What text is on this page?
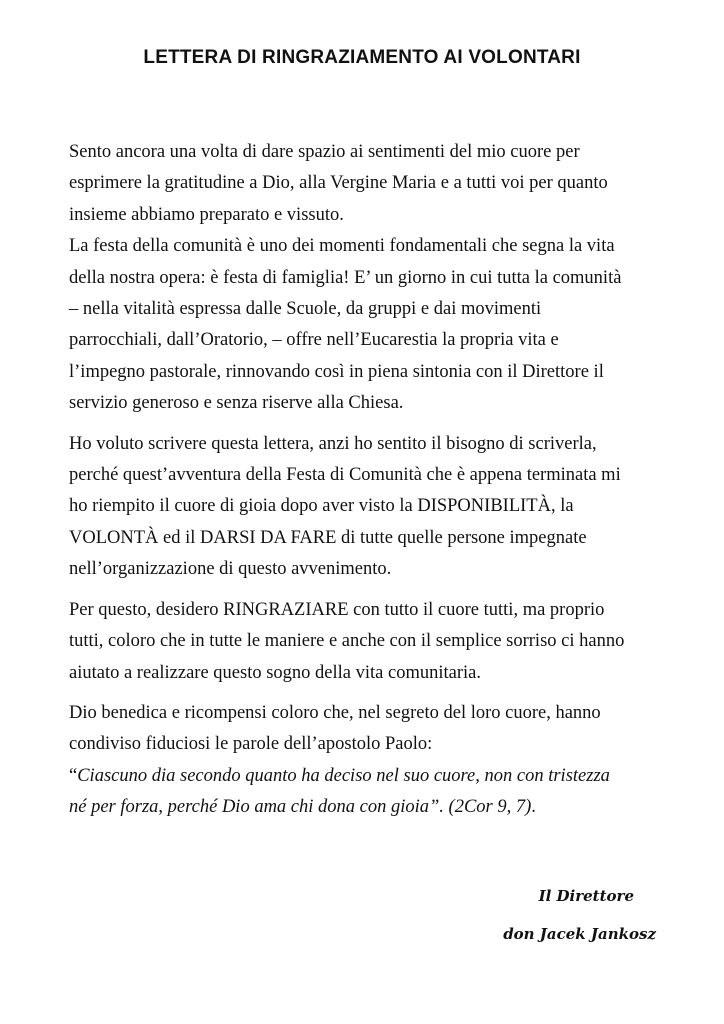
LETTERA DI RINGRAZIAMENTO AI VOLONTARI

Sento ancora una volta di dare spazio ai sentimenti del mio cuore per

esprimere la gratitudine a Dio, alla Vergine Maria e a tutti voi per quanto

insieme abbiamo preparato e vissuto.

La festa della comunità è uno dei momenti fondamentali che segna la vita

della nostra opera: è festa di famiglia! E’ un giorno in cui tutta la comunità

– nella vitalità espressa dalle Scuole, da gruppi e dai movimenti

parrocchiali, dall’Oratorio, – offre nell’Eucarestia la propria vita e

l’impegno pastorale, rinnovando così in piena sintonia con il Direttore il

servizio generoso e senza riserve alla Chiesa.

Ho voluto scrivere questa lettera, anzi ho sentito il bisogno di scriverla,

perché quest’avventura della Festa di Comunità che è appena terminata mi

ho riempito il cuore di gioia dopo aver visto la DISPONIBILITÀ, la

VOLONTÀ ed il DARSI DA FARE di tutte quelle persone impegnate

nell’organizzazione di questo avvenimento.

Per questo, desidero RINGRAZIARE con tutto il cuore tutti, ma proprio

tutti, coloro che in tutte le maniere e anche con il semplice sorriso ci hanno

aiutato a realizzare questo sogno della vita comunitaria.

Dio benedica e ricompensi coloro che, nel segreto del loro cuore, hanno

condiviso fiduciosi le parole dell’apostolo Paolo:

“Ciascuno dia secondo quanto ha deciso nel suo cuore, non con tristezza

né per forza, perché Dio ama chi dona con gioia”. (2Cor 9, 7).

Il Direttore
don Jacek Jankosz
